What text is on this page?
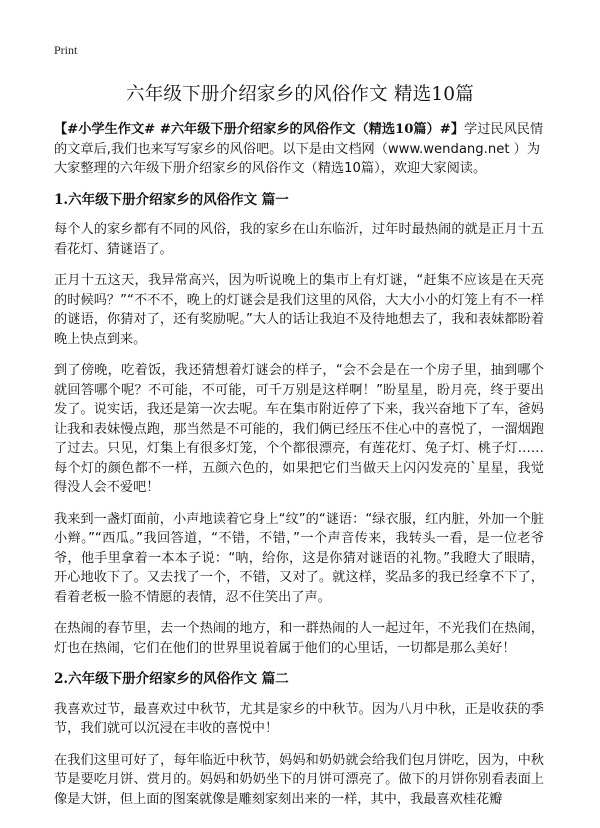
Print
六年级下册介绍家乡的风俗作文 精选10篇

【#小学生作文# #六年级下册介绍家乡的风俗作文（精选10篇）#】学过民风民情的文章后,我们也来写写家乡的风俗吧。以下是由文档网（www.wendang.net ）为大家整理的六年级下册介绍家乡的风俗作文（精选10篇），欢迎大家阅读。

1.六年级下册介绍家乡的风俗作文 篇一

每个人的家乡都有不同的风俗，我的家乡在山东临沂，过年时最热闹的就是正月十五看花灯、猜谜语了。

正月十五这天，我异常高兴，因为听说晚上的集市上有灯谜，“赶集不应该是在天亮的时候吗？”“不不不，晚上的灯谜会是我们这里的风俗，大大小小的灯笼上有不一样的谜语，你猜对了，还有奖励呢。”大人的话让我迫不及待地想去了，我和表妹都盼着晚上快点到来。

到了傍晚，吃着饭，我还猜想着灯谜会的样子，“会不会是在一个房子里，抽到哪个就回答哪个呢？不可能，不可能，可千万别是这样啊！”盼星星，盼月亮，终于要出发了。说实话，我还是第一次去呢。车在集市附近停了下来，我兴奋地下了车，爸妈让我和表妹慢点跑，那当然是不可能的，我们俩已经压不住心中的喜悦了，一溜烟跑了过去。只见，灯集上有很多灯笼，个个都很漂亮，有莲花灯、兔子灯、桃子灯……每个灯的颜色都不一样，五颜六色的，如果把它们当做天上闪闪发亮的`星星，我觉得没人会不爱吧！

我来到一盏灯面前，小声地读着它身上“纹”的“谜语：“绿衣服，红内脏，外加一个脏小辫。”“西瓜。”我回答道，“不错，不错，”一个声音传来，我转头一看，是一位老爷爷，他手里拿着一本本子说：“呐，给你，这是你猜对谜语的礼物。”我瞪大了眼睛，开心地收下了。又去找了一个，不错，又对了。就这样，奖品多的我已经拿不下了，看着老板一脸不情愿的表情，忍不住笑出了声。

在热闹的春节里，去一个热闹的地方，和一群热闹的人一起过年，不光我们在热闹，灯也在热闹，它们在他们的世界里说着属于他们的心里话，一切都是那么美好！

2.六年级下册介绍家乡的风俗作文 篇二

我喜欢过节，最喜欢过中秋节，尤其是家乡的中秋节。因为八月中秋，正是收获的季节，我们就可以沉浸在丰收的喜悦中！

在我们这里可好了，每年临近中秋节，妈妈和奶奶就会给我们包月饼吃，因为，中秋节是要吃月饼、赏月的。妈妈和奶奶坐下的月饼可漂亮了。做下的月饼你别看表面上像是大饼，但上面的图案就像是雕刻家刻出来的一样，其中，我最喜欢桂花瓣
